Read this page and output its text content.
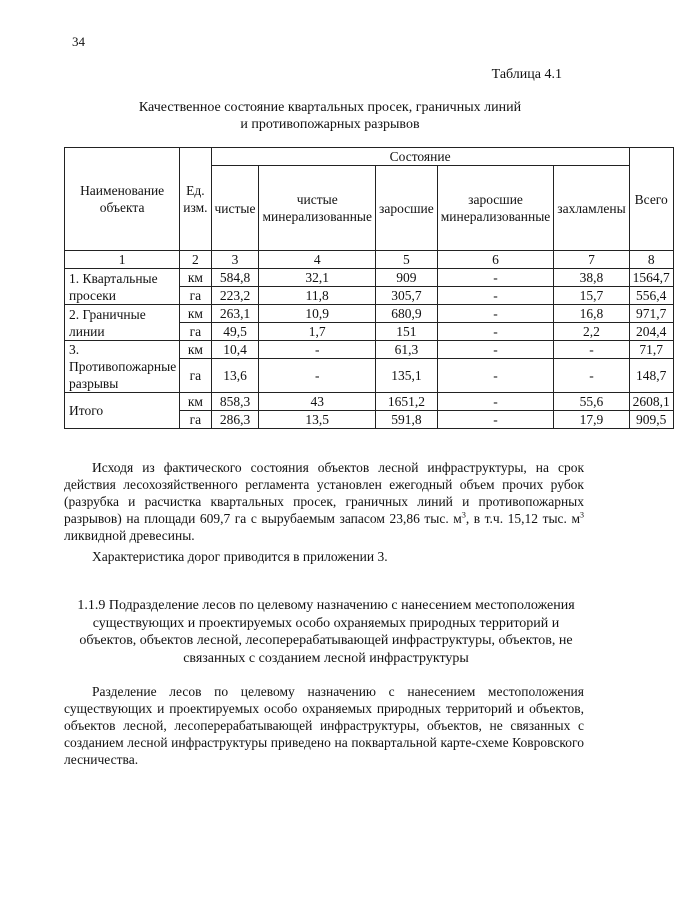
34
Таблица 4.1
Качественное состояние квартальных просек, граничных линий
и противопожарных разрывов
Наименование объекта	Ед. изм.	Состояние					Всего
		чистые	чистые минерализованные	заросшие	заросшие минерализованные	захламлены	
1	2	3	4	5	6	7	8
1. Квартальные просеки	км	584,8	32,1	909	-	38,8	1564,7
	га	223,2	11,8	305,7	-	15,7	556,4
2. Граничные линии	км	263,1	10,9	680,9	-	16,8	971,7
	га	49,5	1,7	151	-	2,2	204,4
3. Противопожарные разрывы	км	10,4	-	61,3	-	-	71,7
	га	13,6	-	135,1	-	-	148,7
Итого	км	858,3	43	1651,2	-	55,6	2608,1
	га	286,3	13,5	591,8	-	17,9	909,5
Исходя из фактического состояния объектов лесной инфраструктуры, на срок действия лесохозяйственного регламента установлен ежегодный объем прочих рубок (разрубка и расчистка квартальных просек, граничных линий и противопожарных разрывов) на площади 609,7 га с вырубаемым запасом 23,86 тыс. $м^3$, в т.ч. 15,12 тыс. $м^3$ ликвидной древесины.
Характеристика дорог приводится в приложении 3.
1.1.9 Подразделение лесов по целевому назначению с нанесением местоположения существующих и проектируемых особо охраняемых природных территорий и объектов, объектов лесной, лесоперерабатывающей инфраструктуры, объектов, не связанных с созданием лесной инфраструктуры
Разделение лесов по целевому назначению с нанесением местоположения существующих и проектируемых особо охраняемых природных территорий и объектов, объектов лесной, лесоперерабатывающей инфраструктуры, объектов, не связанных с созданием лесной инфраструктуры приведено на поквартальной карте-схеме Ковровского лесничества.
